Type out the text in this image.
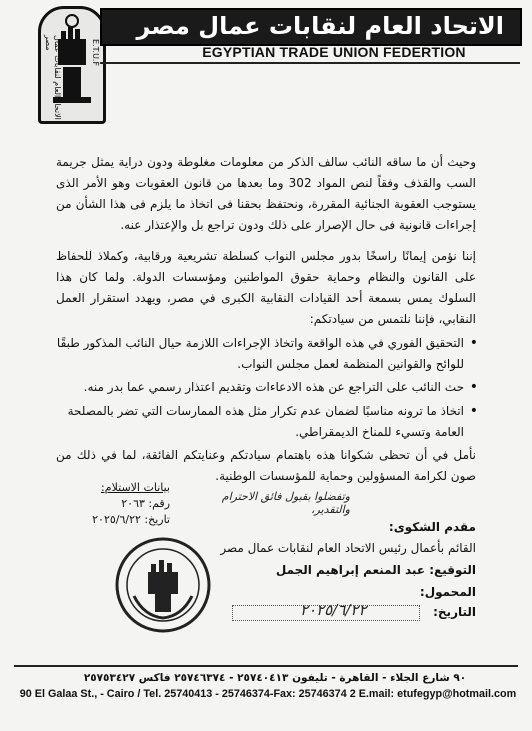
الاتحاد العام لنقابات عمال مصر	E.T.U.F
الاتحاد العام لنقابات عمال مصر
EGYPTIAN TRADE UNION FEDERTION
وحيث أن ما ساقه النائب سالف الذكر من معلومات مغلوطة ودون دراية يمثل جريمة السب والقذف وفقاً لنص المواد 302 وما بعدها من قانون العقوبات وهو الأمر الذى يستوجب العقوبة الجنائية المقررة، ونحتفظ بحقنا فى اتخاذ ما يلزم فى هذا الشأن من إجراءات قانونية فى حال الإصرار على ذلك ودون تراجع بل والإعتذار عنه.
إننا نؤمن إيمانًا راسخًا بدور مجلس النواب كسلطة تشريعية ورقابية، وكملاذ للحفاظ على القانون والنظام وحماية حقوق المواطنين ومؤسسات الدولة. ولما كان هذا السلوك يمس بسمعة أحد القيادات النقابية الكبرى في مصر، ويهدد استقرار العمل النقابي، فإننا نلتمس من سيادتكم:
• التحقيق الفوري في هذه الواقعة واتخاذ الإجراءات اللازمة حيال النائب المذكور طبقًا للوائح والقوانين المنظمة لعمل مجلس النواب.
• حث النائب على التراجع عن هذه الادعاءات وتقديم اعتذار رسمي عما بدر منه.
• اتخاذ ما ترونه مناسبًا لضمان عدم تكرار مثل هذه الممارسات التي تضر بالمصلحة العامة وتسيء للمناخ الديمقراطي.
نأمل في أن تحظى شكوانا هذه باهتمام سيادتكم وعنايتكم الفائقة، لما في ذلك من صون لكرامة المسؤولين وحماية للمؤسسات الوطنية.
بيانات الاستلام:
رقم: ٢٠٦٣
تاريخ: ٢٠٢٥/٦/٢٢
وتفضلوا بقبول فائق الاحترام والتقدير،
مقدم الشكوى:
القائم بأعمال رئيس الاتحاد العام لنقابات عمال مصر
التوقيع: عبد المنعم إبراهيم الجمل
المحمول:
التاريخ:
٢٠٢٥/٦/٢٢
٩٠ شارع الجلاء - القاهرة - تليفون ٢٥٧٤٠٤١٣ - ٢٥٧٤٦٣٧٤ فاكس ٢٥٧٥٣٤٢٧
90 El Galaa St., - Cairo / Tel. 25740413 - 25746374-Fax: 25746374 2 E.mail: etufegyp@hotmail.com
